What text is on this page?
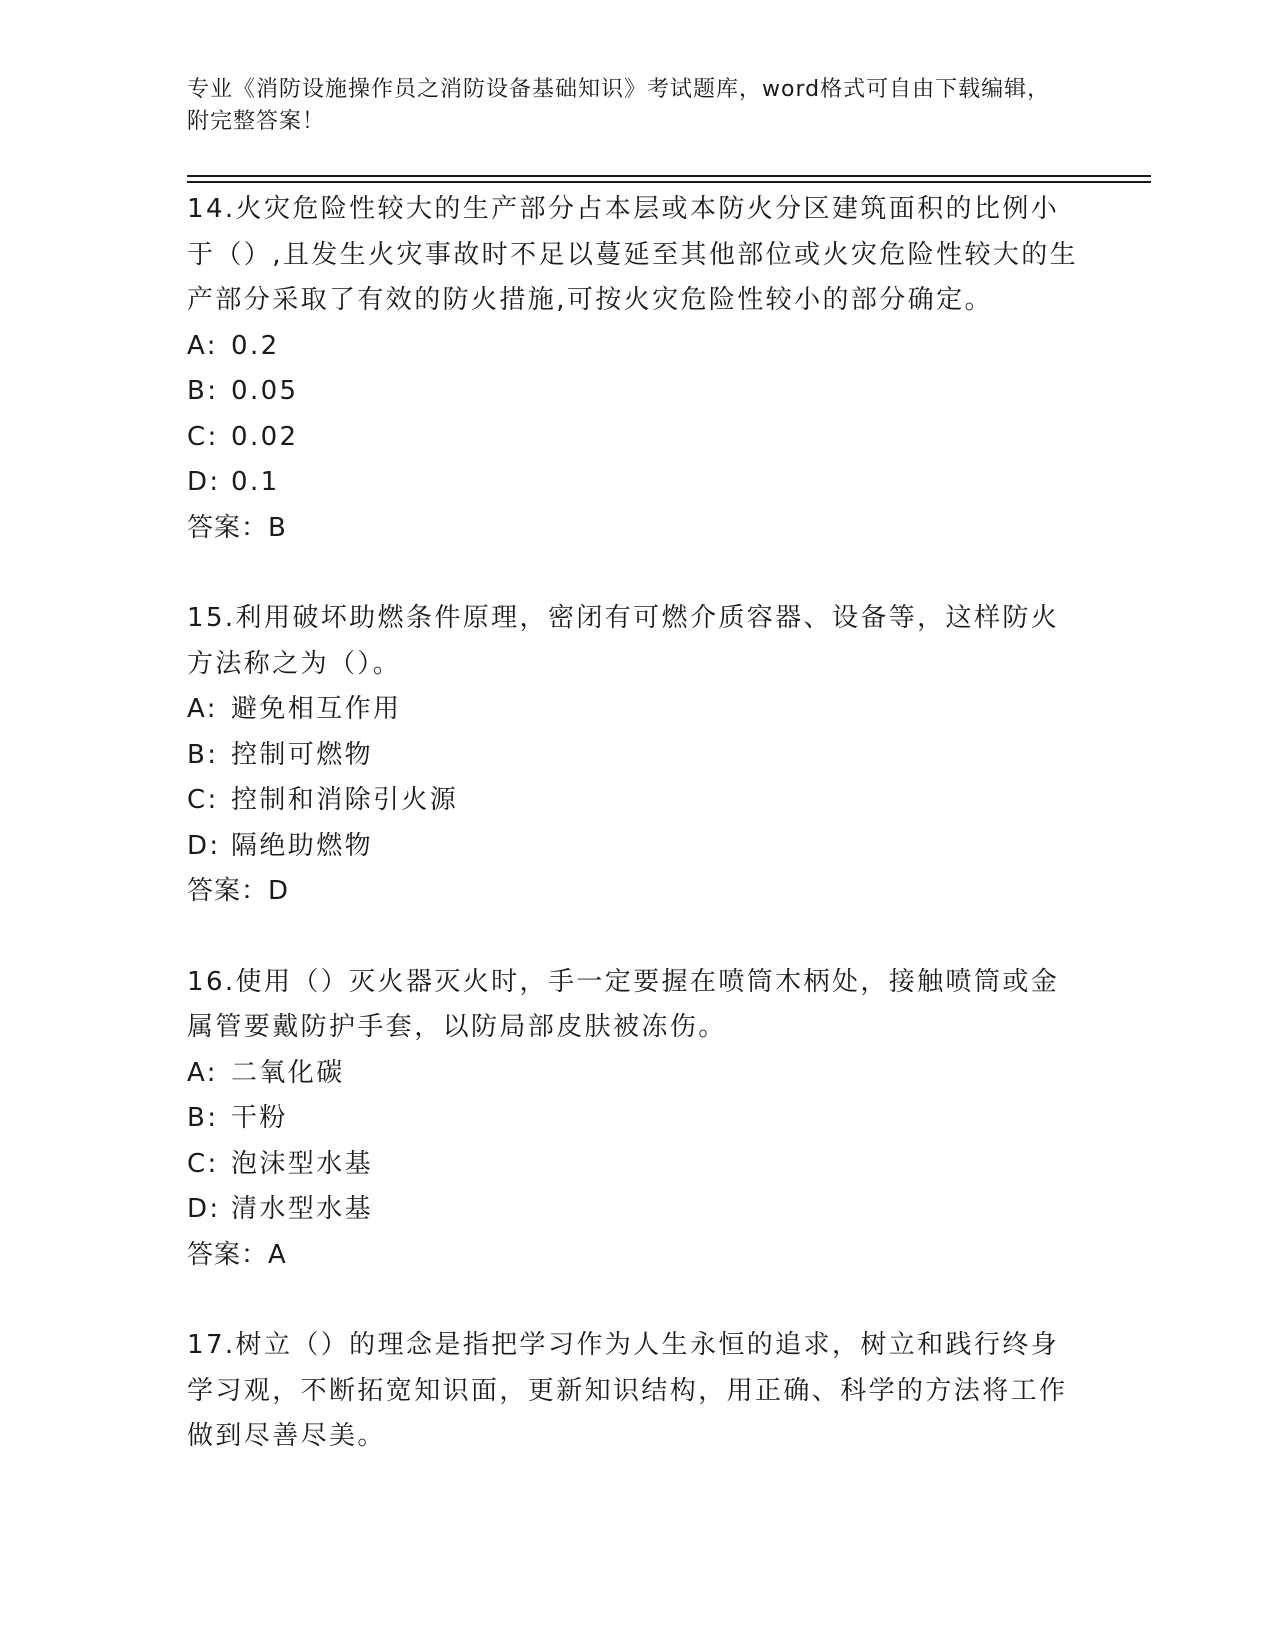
专业《消防设施操作员之消防设备基础知识》考试题库，word格式可自由下载编辑，附完整答案！

14.火灾危险性较大的生产部分占本层或本防火分区建筑面积的比例小于（）,且发生火灾事故时不足以蔓延至其他部位或火灾危险性较大的生产部分采取了有效的防火措施,可按火灾危险性较小的部分确定。

A: 0.2

B: 0.05

C: 0.02

D: 0.1

答案：B

15.利用破坏助燃条件原理，密闭有可燃介质容器、设备等，这样防火方法称之为（）。

A: 避免相互作用

B: 控制可燃物

C: 控制和消除引火源

D: 隔绝助燃物

答案：D

16.使用（）灭火器灭火时，手一定要握在喷筒木柄处，接触喷筒或金属管要戴防护手套，以防局部皮肤被冻伤。

A: 二氧化碳

B: 干粉

C: 泡沫型水基

D: 清水型水基

答案：A

17.树立（）的理念是指把学习作为人生永恒的追求，树立和践行终身学习观，不断拓宽知识面，更新知识结构，用正确、科学的方法将工作做到尽善尽美。
